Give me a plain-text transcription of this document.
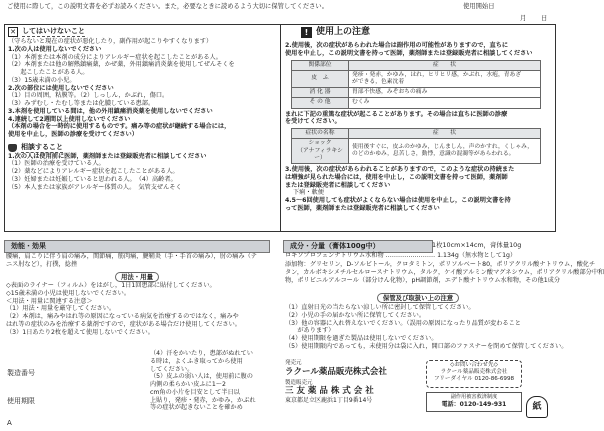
ご使用に際して，この説明文書を必ずお読みください。また，必要なときに読めるよう大切に保管してください。	使用開始日
月 日
✕ してはいけないこと
（守らないと現在の症状が悪化したり，副作用が起こりやすくなります）
1.次の人は使用しないでください
（1）本剤または本剤の成分によりアレルギー症状を起こしたことがある人。
（2）本剤または他の解熱鎮痛薬，かぜ薬，外用鎮痛消炎薬を使用してぜんそくを
　　起こしたことがある人。
（3）15歳未満の小児。
2.次の部位には使用しないでください
（1）目の周囲，粘膜等。（2）しっしん，かぶれ，傷口。
（3）みずむし・たむし等または化膿している患部。
3.本剤を使用している間は，他の外用鎮痛消炎薬を使用しないでください
4.連続して2週間以上使用しないでください
（本剤の場合を一時的に使用するものです。痛み等の症状が継続する場合には，
使用を中止し，医師の診療を受けてください）
相談すること
1.次の人は使用前に医師，薬剤師または登録販売者に相談してください
（1）医師の治療を受けている人。
（2）薬などによりアレルギー症状を起こしたことがある人。
（3）妊婦または妊娠していると思われる人。　（4）高齢者。
（5）本人または家族がアレルギー体質の人。　気管支ぜんそく
! 使用上の注意
2.使用後，次の症状があらわれた場合は副作用の可能性がありますので，直ちに
使用を中止し，この説明文書を持って医師，薬剤師または登録販売者に相談してください
関係部位	症　　状
皮　ふ	発疹・発赤，かゆみ，はれ，ヒリヒリ感，かぶれ，水疱，青あざ
ができる，色素沈着
消 化 器	胃部不快感，みぞおちの痛み
そ の 他	むくみ
まれに下記の重篤な症状が起こることがあります。その場合は直ちに医師の診療
を受けてください。
症状の名称	症　　状
ショック
（アナフィラキシー）	使用後すぐに，皮ふのかゆみ，じんましん，声のかすれ，くしゃみ，
のどのかゆみ，息苦しさ，動悸，意識の混濁等があらわれる。
3.使用後，次の症状があらわれることがありますので，このような症状の持続また
は増強が見られた場合には，使用を中止し，この説明文書を持って医師，薬剤師
または登録販売者に相談してください
下痢・軟便
4.5～6回使用しても症状がよくならない場合は使用を中止し，この説明文書を持
って医師，薬剤師または登録販売者に相談してください
効能・効果
腰痛，肩こりに伴う肩の痛み，関節痛，筋肉痛，腱鞘炎（手・手首の痛み），肘の痛み（テ
ニス肘など），打撲，捻挫
用法・用量
◇表面のライナー（フィルム）をはがし，1日1回患部に貼付してください。
◇15歳未満の小児は使用しないでください。
＜用法・用量に関連する注意＞
（1）用法・用量を厳守してください。
（2）本剤は，痛みやはれ等の原因になっている病気を治療するのではなく，痛みや
はれ等の症状のみを治療する薬剤ですので，症状がある場合だけ使用してください。
（3）1日あたり2枚を超えて使用しないでください。
（4）汗をかいたり，患部がぬれてい
る時は，よくふき取ってから使用
してください。
（5）皮ふの弱い人は，使用前に腹の
内側の柔らかい皮ふに1～2
cm角の小片を目安として半日以
上貼り，発疹・発赤，かゆみ，かぶれ
等の症状が起きないことを確かめ
製造番号
使用期限
A
成分・分量（膏体100g中）	1枚10cm×14cm，膏体量10g
ロキソプロフェンナトリウム水和物 ‥‥‥‥‥‥‥‥‥‥‥‥ 1.134g（無水物として1g）
添加物：グリセリン，D-ソルビトール，クロタミトン，ポリソルベート80，ポリアクリル酸ナトリウム，酸化チ
タン，カルボキシメチルセルロースナトリウム，タルク，ケイ酸アルミン酸マグネシウム，ポリアクリル酸部分中和
物，ポリビニルアルコール（部分けん化物），pH調節剤，エデト酸ナトリウム水和物，その他1成分
保管及び取扱い上の注意
（1）直射日光の当たらない涼しい所に密封して保管してください。
（2）小児の手の届かない所に保管してください。
（3）他の容器に入れ替えないでください。（誤用の原因になったり品質が変わること
　　があります）
（4）使用期限を過ぎた製品は使用しないでください。
（5）使用期限内であっても，未使用分は袋に入れ，開口部のファスナーを閉めて保管してください。
発売元
ラクール薬品販売株式会社
製造販売元
三 友 薬 品 株 式 会 社
東京都足立区鹿浜1丁目9番14号
◇お問い合わせ先◇
ラクール薬品販売株式会社
フリーダイヤル 0120-86-6998
副作用被害救済制度
電話：0120-149-931	紙
